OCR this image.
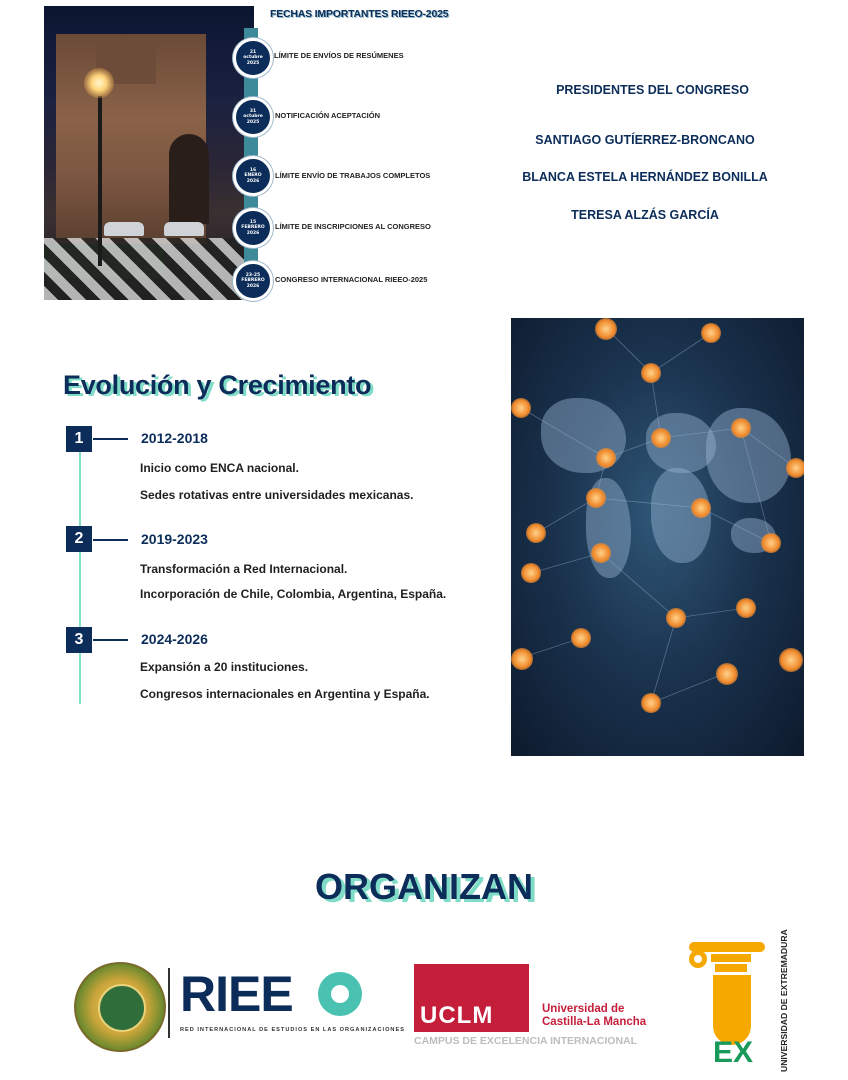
FECHAS IMPORTANTES RIEEO-2025
21
octubre
2025
LÍMITE DE ENVÍOS DE RESÚMENES
31
octubre
2025
NOTIFICACIÓN ACEPTACIÓN
16
ENERO
2026
LÍMITE ENVÍO DE TRABAJOS COMPLETOS
15
FEBRERO
2026
LÍMITE DE INSCRIPCIONES AL CONGRESO
23-25
FEBRERO
2026
CONGRESO INTERNACIONAL RIEEO-2025
PRESIDENTES DEL CONGRESO
SANTIAGO GUTÍERREZ-BRONCANO
BLANCA ESTELA HERNÁNDEZ BONILLA
TERESA ALZÁS GARCÍA
Evolución y Crecimiento
1	2012-2018
Inicio como ENCA nacional.
Sedes rotativas entre universidades mexicanas.
2	2019-2023
Transformación a Red Internacional.
Incorporación de Chile, Colombia, Argentina, España.
3	2024-2026
Expansión a 20 instituciones.
Congresos internacionales en Argentina y España.
ORGANIZAN
RIEE
RED INTERNACIONAL DE ESTUDIOS EN LAS ORGANIZACIONES
UCLM	Universidad de
Castilla-La Mancha
CAMPUS DE EXCELENCIA INTERNACIONAL	EX	UNIVERSIDAD DE EXTREMADURA
